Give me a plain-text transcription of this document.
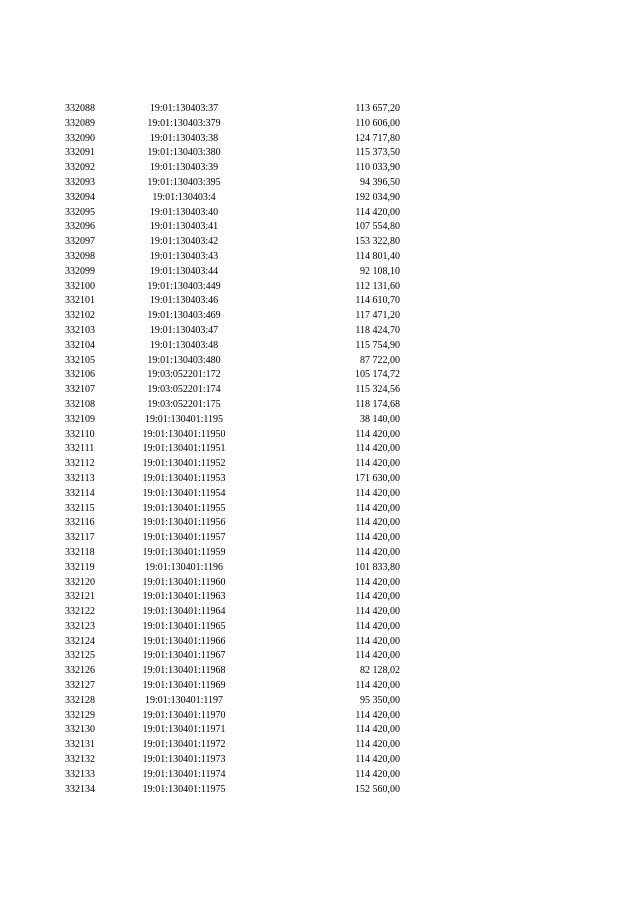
332088	19:01:130403:37	113 657,20
332089	19:01:130403:379	110 606,00
332090	19:01:130403:38	124 717,80
332091	19:01:130403:380	115 373,50
332092	19:01:130403:39	110 033,90
332093	19:01:130403:395	94 396,50
332094	19:01:130403:4	192 034,90
332095	19:01:130403:40	114 420,00
332096	19:01:130403:41	107 554,80
332097	19:01:130403:42	153 322,80
332098	19:01:130403:43	114 801,40
332099	19:01:130403:44	92 108,10
332100	19:01:130403:449	112 131,60
332101	19:01:130403:46	114 610,70
332102	19:01:130403:469	117 471,20
332103	19:01:130403:47	118 424,70
332104	19:01:130403:48	115 754,90
332105	19:01:130403:480	87 722,00
332106	19:03:052201:172	105 174,72
332107	19:03:052201:174	115 324,56
332108	19:03:052201:175	118 174,68
332109	19:01:130401:1195	38 140,00
332110	19:01:130401:11950	114 420,00
332111	19:01:130401:11951	114 420,00
332112	19:01:130401:11952	114 420,00
332113	19:01:130401:11953	171 630,00
332114	19:01:130401:11954	114 420,00
332115	19:01:130401:11955	114 420,00
332116	19:01:130401:11956	114 420,00
332117	19:01:130401:11957	114 420,00
332118	19:01:130401:11959	114 420,00
332119	19:01:130401:1196	101 833,80
332120	19:01:130401:11960	114 420,00
332121	19:01:130401:11963	114 420,00
332122	19:01:130401:11964	114 420,00
332123	19:01:130401:11965	114 420,00
332124	19:01:130401:11966	114 420,00
332125	19:01:130401:11967	114 420,00
332126	19:01:130401:11968	82 128,02
332127	19:01:130401:11969	114 420,00
332128	19:01:130401:1197	95 350,00
332129	19:01:130401:11970	114 420,00
332130	19:01:130401:11971	114 420,00
332131	19:01:130401:11972	114 420,00
332132	19:01:130401:11973	114 420,00
332133	19:01:130401:11974	114 420,00
332134	19:01:130401:11975	152 560,00
